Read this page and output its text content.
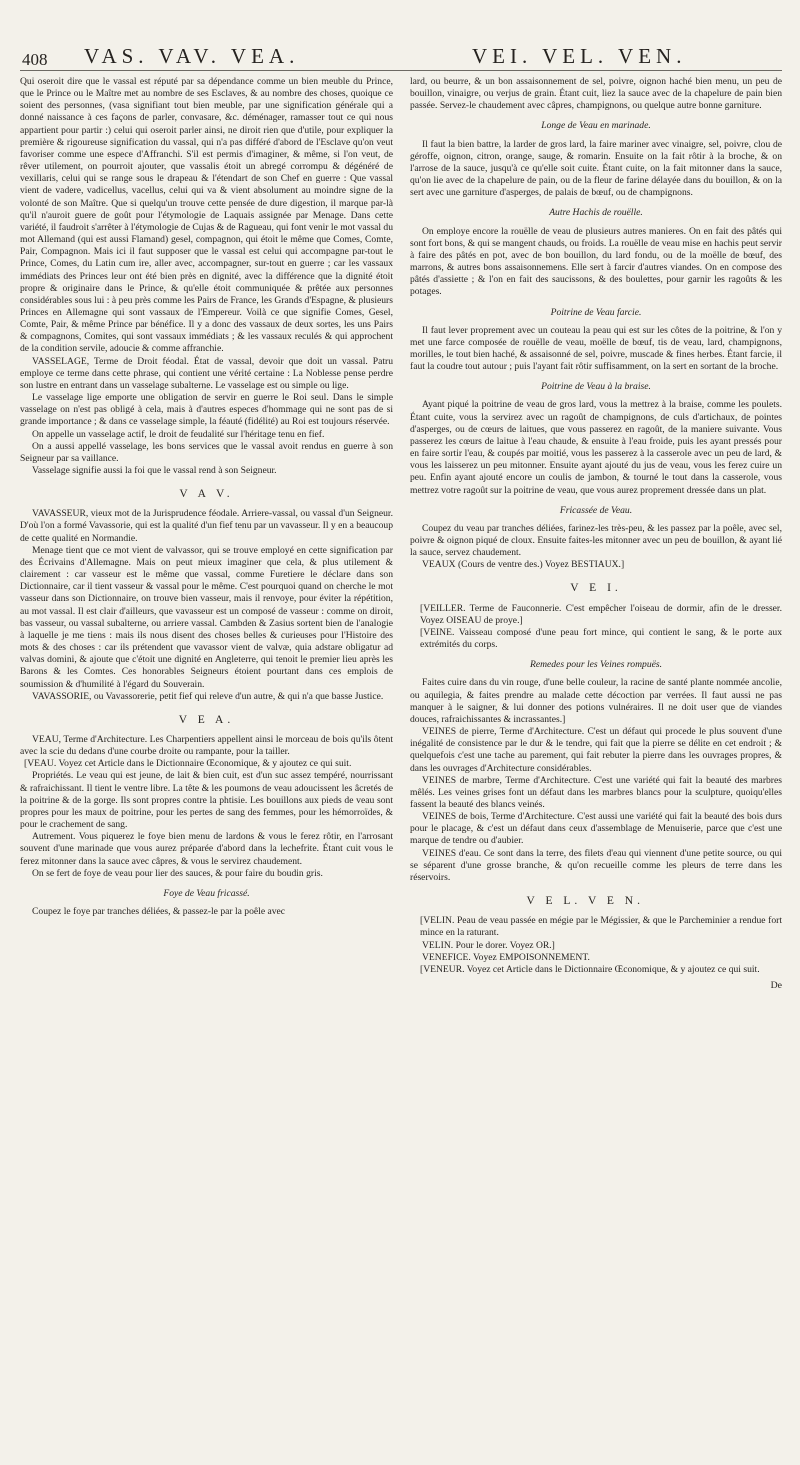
408 VAS. VAV. VEA.	VEI. VEL. VEN.

Qui oseroit dire que le vassal est réputé par sa dépendance comme un bien meuble du Prince, que le Prince ou le Maître met au nombre de ses Esclaves, & au nombre des choses, quoique ce soient des personnes, (vasa signifiant tout bien meuble, par une signification générale qui a donné naissance à ces façons de parler, convasare, &c. déménager, ramasser tout ce qui nous appartient pour partir :) celui qui oseroit parler ainsi, ne diroit rien que d'utile, pour expliquer la première & rigoureuse signification du vassal, qui n'a pas différé d'abord de l'Esclave qu'on veut favoriser comme une espece d'Affranchi. S'il est permis d'imaginer, & même, si l'on veut, de rêver utilement, on pourroit ajouter, que vassalis étoit un abregé corrompu & dégénéré de vexillaris, celui qui se range sous le drapeau & l'étendart de son Chef en guerre : Que vassal vient de vadere, vadicellus, vacellus, celui qui va & vient absolument au moindre signe de la volonté de son Maître. Que si quelqu'un trouve cette pensée de dure digestion, il marque par-là qu'il n'auroit guere de goût pour l'étymologie de Laquais assignée par Menage. Dans cette variété, il faudroit s'arrêter à l'étymologie de Cujas & de Ragueau, qui font venir le mot vassal du mot Allemand (qui est aussi Flamand) gesel, compagnon, qui étoit le même que Comes, Comte, Pair, Compagnon. Mais ici il faut supposer que le vassal est celui qui accompagne par-tout le Prince, Comes, du Latin cum ire, aller avec, accompagner, sur-tout en guerre ; car les vassaux immédiats des Princes leur ont été bien près en dignité, avec la différence que la dignité étoit propre & originaire dans le Prince, & qu'elle étoit communiquée & prêtée aux personnes considérables sous lui : à peu près comme les Pairs de France, les Grands d'Espagne, & plusieurs Princes en Allemagne qui sont vassaux de l'Empereur. Voilà ce que signifie Comes, Gesel, Comte, Pair, & même Prince par bénéfice. Il y a donc des vassaux de deux sortes, les uns Pairs & compagnons, Comites, qui sont vassaux immédiats ; & les vassaux reculés & qui approchent de la condition servile, adoucie & comme affranchie.

VASSELAGE, Terme de Droit féodal. État de vassal, devoir que doit un vassal. Patru employe ce terme dans cette phrase, qui contient une vérité certaine : La Noblesse pense perdre son lustre en entrant dans un vasselage subalterne. Le vasselage est ou simple ou lige.

Le vasselage lige emporte une obligation de servir en guerre le Roi seul. Dans le simple vasselage on n'est pas obligé à cela, mais à d'autres especes d'hommage qui ne sont pas de si grande importance ; & dans ce vasselage simple, la féauté (fidélité) au Roi est toujours réservée.

On appelle un vasselage actif, le droit de feudalité sur l'héritage tenu en fief.

On a aussi appellé vasselage, les bons services que le vassal avoit rendus en guerre à son Seigneur par sa vaillance.

Vasselage signifie aussi la foi que le vassal rend à son Seigneur.

V A V.

VAVASSEUR, vieux mot de la Jurisprudence féodale. Arriere-vassal, ou vassal d'un Seigneur. D'où l'on a formé Vavassorie, qui est la qualité d'un fief tenu par un vavasseur. Il y en a beaucoup de cette qualité en Normandie.

Menage tient que ce mot vient de valvassor, qui se trouve employé en cette signification par des Écrivains d'Allemagne. Mais on peut mieux imaginer que cela, & plus utilement & clairement : car vasseur est le même que vassal, comme Furetiere le déclare dans son Dictionnaire, car il tient vasseur & vassal pour le même. C'est pourquoi quand on cherche le mot vasseur dans son Dictionnaire, on trouve bien vasseur, mais il renvoye, pour éviter la répétition, au mot vassal. Il est clair d'ailleurs, que vavasseur est un composé de vasseur : comme on diroit, bas vasseur, ou vassal subalterne, ou arriere vassal. Cambden & Zasius sortent bien de l'analogie à laquelle je me tiens : mais ils nous disent des choses belles & curieuses pour l'Histoire des mots & des choses : car ils prétendent que vavassor vient de valvæ, quia adstare obligatur ad valvas domini, & ajoute que c'étoit une dignité en Angleterre, qui tenoit le premier lieu après les Barons & les Comtes. Ces honorables Seigneurs étoient pourtant dans ces emplois de soumission & d'humilité à l'égard du Souverain.

VAVASSORIE, ou Vavassorerie, petit fief qui releve d'un autre, & qui n'a que basse Justice.

V E A.

VEAU, Terme d'Architecture. Les Charpentiers appellent ainsi le morceau de bois qu'ils ôtent avec la scie du dedans d'une courbe droite ou rampante, pour la tailler.

[VEAU. Voyez cet Article dans le Dictionnaire Œconomique, & y ajoutez ce qui suit.

Propriétés. Le veau qui est jeune, de lait & bien cuit, est d'un suc assez tempéré, nourrissant & rafraichissant. Il tient le ventre libre. La tête & les poumons de veau adoucissent les âcretés de la poitrine & de la gorge. Ils sont propres contre la phtisie. Les bouillons aux pieds de veau sont propres pour les maux de poitrine, pour les pertes de sang des femmes, pour les hémorroïdes, & pour le crachement de sang.

Autrement. Vous piquerez le foye bien menu de lardons & vous le ferez rôtir, en l'arrosant souvent d'une marinade que vous aurez préparée d'abord dans la lechefrite. Étant cuit vous le ferez mitonner dans la sauce avec câpres, & vous le servirez chaudement.

On se fert de foye de veau pour lier des sauces, & pour faire du boudin gris.

Foye de Veau fricassé.

Coupez le foye par tranches déliées, & passez-le par la poêle avec

lard, ou beurre, & un bon assaisonnement de sel, poivre, oignon haché bien menu, un peu de bouillon, vinaigre, ou verjus de grain. Étant cuit, liez la sauce avec de la chapelure de pain bien passée. Servez-le chaudement avec câpres, champignons, ou quelque autre bonne garniture.

Longe de Veau en marinade.

Il faut la bien battre, la larder de gros lard, la faire mariner avec vinaigre, sel, poivre, clou de géroffe, oignon, citron, orange, sauge, & romarin. Ensuite on la fait rôtir à la broche, & on l'arrose de la sauce, jusqu'à ce qu'elle soit cuite. Étant cuite, on la fait mitonner dans la sauce, qu'on lie avec de la chapelure de pain, ou de la fleur de farine délayée dans du bouillon, & on la sert avec une garniture d'asperges, de palais de bœuf, ou de champignons.

Autre Hachis de rouëlle.

On employe encore la rouëlle de veau de plusieurs autres manieres. On en fait des pâtés qui sont fort bons, & qui se mangent chauds, ou froids. La rouëlle de veau mise en hachis peut servir à faire des pâtés en pot, avec de bon bouillon, du lard fondu, ou de la moëlle de bœuf, des marrons, & autres bons assaisonnemens. Elle sert à farcir d'autres viandes. On en compose des pâtés d'assiette ; & l'on en fait des saucissons, & des boulettes, pour garnir les ragoûts & les potages.

Poitrine de Veau farcie.

Il faut lever proprement avec un couteau la peau qui est sur les côtes de la poitrine, & l'on y met une farce composée de rouëlle de veau, moëlle de bœuf, tis de veau, lard, champignons, morilles, le tout bien haché, & assaisonné de sel, poivre, muscade & fines herbes. Étant farcie, il faut la coudre tout autour ; puis l'ayant fait rôtir suffisamment, on la sert en sortant de la broche.

Poitrine de Veau à la braise.

Ayant piqué la poitrine de veau de gros lard, vous la mettrez à la braise, comme les poulets. Étant cuite, vous la servirez avec un ragoût de champignons, de culs d'artichaux, de pointes d'asperges, ou de cœurs de laitues, que vous passerez en ragoût, de la maniere suivante. Vous passerez les cœurs de laitue à l'eau chaude, & ensuite à l'eau froide, puis les ayant pressés pour en faire sortir l'eau, & coupés par moitié, vous les passerez à la casserole avec un peu de lard, & vous les laisserez un peu mitonner. Ensuite ayant ajouté du jus de veau, vous les ferez cuire un peu. Enfin ayant ajouté encore un coulis de jambon, & tourné le tout dans la casserole, vous mettrez votre ragoût sur la poitrine de veau, que vous aurez proprement dressée dans un plat.

Fricassée de Veau.

Coupez du veau par tranches déliées, farinez-les très-peu, & les passez par la poêle, avec sel, poivre & oignon piqué de cloux. Ensuite faites-les mitonner avec un peu de bouillon, & ayant lié la sauce, servez chaudement.

VEAUX (Cours de ventre des.) Voyez BESTIAUX.]

V E I.

[VEILLER. Terme de Fauconnerie. C'est empêcher l'oiseau de dormir, afin de le dresser. Voyez OISEAU de proye.]

[VEINE. Vaisseau composé d'une peau fort mince, qui contient le sang, & le porte aux extrémités du corps.

Remedes pour les Veines rompuës.

Faites cuire dans du vin rouge, d'une belle couleur, la racine de santé plante nommée ancolie, ou aquilegia, & faites prendre au malade cette décoction par verrées. Il faut aussi ne pas manquer à le saigner, & lui donner des potions vulnéraires. Il ne doit user que de viandes douces, rafraichissantes & incrassantes.]

VEINES de pierre, Terme d'Architecture. C'est un défaut qui procede le plus souvent d'une inégalité de consistence par le dur & le tendre, qui fait que la pierre se délite en cet endroit ; & quelquefois c'est une tache au parement, qui fait rebuter la pierre dans les ouvrages propres, & dans les ouvrages d'Architecture considérables.

VEINES de marbre, Terme d'Architecture. C'est une variété qui fait la beauté des marbres mêlés. Les veines grises font un défaut dans les marbres blancs pour la sculpture, quoiqu'elles fassent la beauté des blancs veinés.

VEINES de bois, Terme d'Architecture. C'est aussi une variété qui fait la beauté des bois durs pour le placage, & c'est un défaut dans ceux d'assemblage de Menuiserie, parce que c'est une marque de tendre ou d'aubier.

VEINES d'eau. Ce sont dans la terre, des filets d'eau qui viennent d'une petite source, ou qui se séparent d'une grosse branche, & qu'on recueille comme les pleurs de terre dans les réservoirs.

V E L. V E N.

[VELIN. Peau de veau passée en mégie par le Mégissier, & que le Parcheminier a rendue fort mince en la raturant.

VELIN. Pour le dorer. Voyez OR.]

VENEFICE. Voyez EMPOISONNEMENT.

[VENEUR. Voyez cet Article dans le Dictionnaire Œconomique, & y ajoutez ce qui suit.

De
